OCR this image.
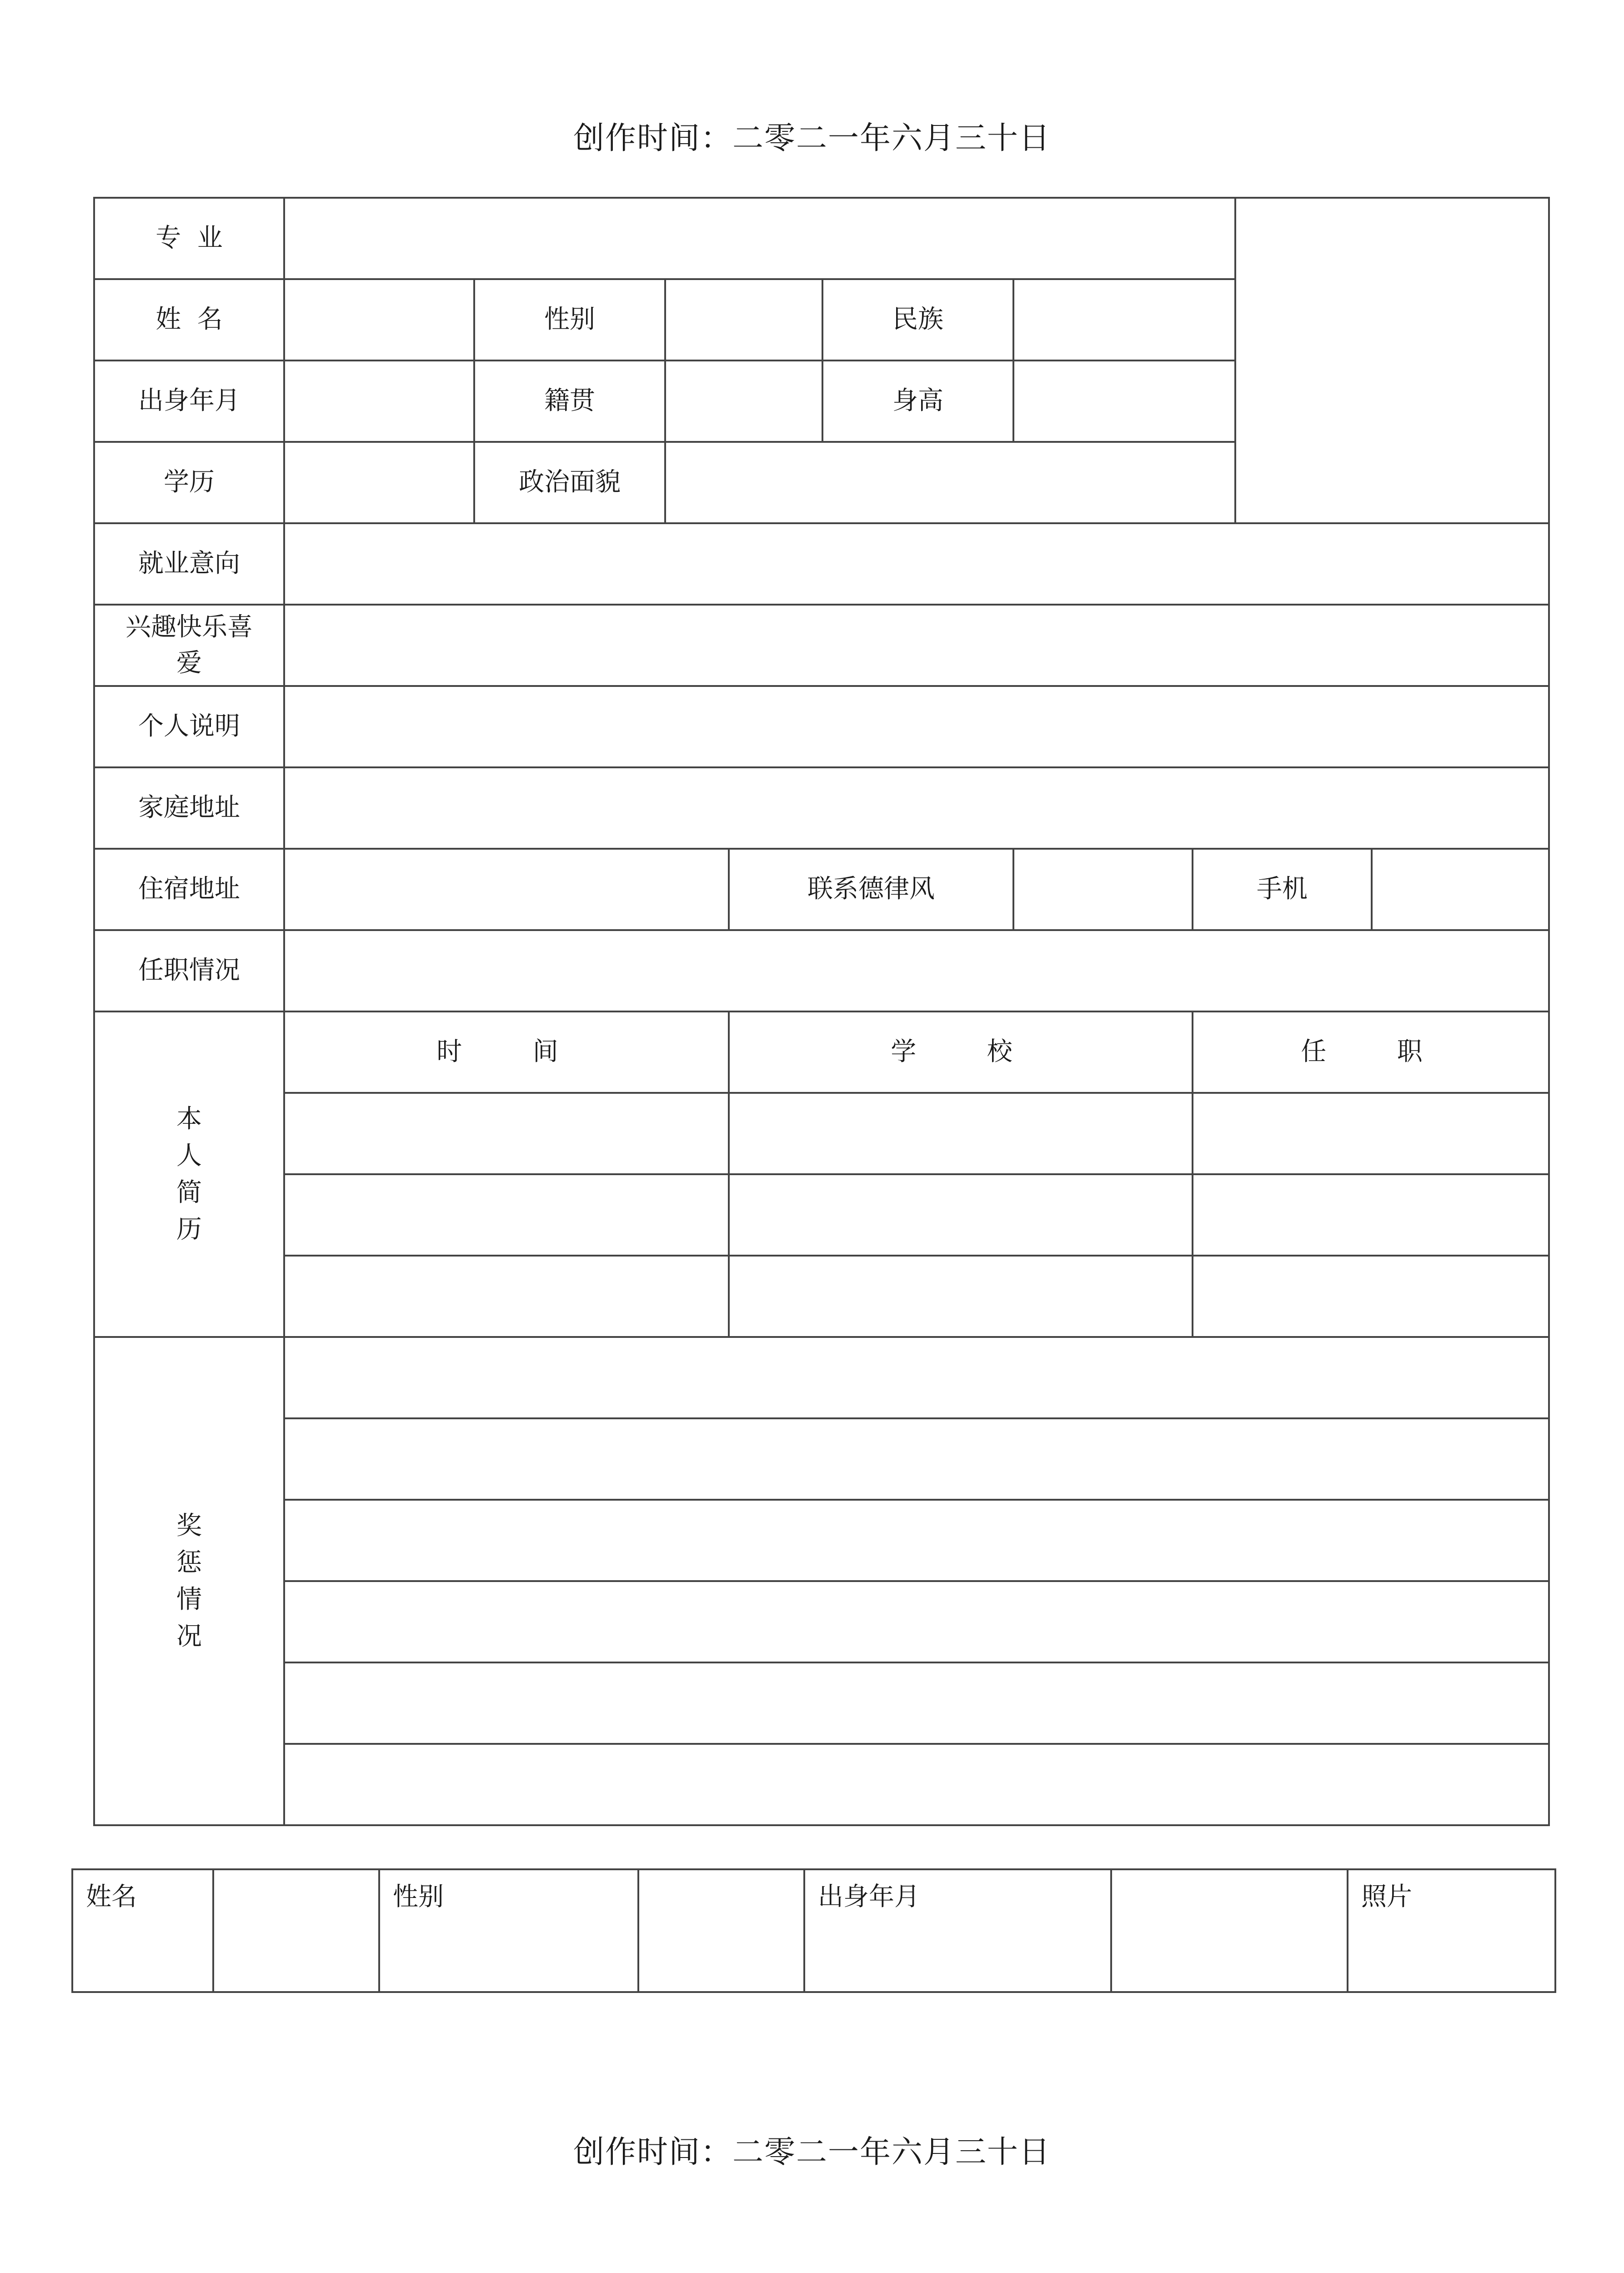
创作时间：二零二一年六月三十日
专  业									
姓  名		性别			民族				
出身年月		籍贯			身高				
学历		政治面貌							
就业意向									
兴趣快乐喜爱									
个人说明									
家庭地址									
住宿地址				联系德律风			手机		
任职情况									
本人简历	时  间			学  校			任  职		

奖惩情况									

姓名		性别		出身年月		照片
创作时间：二零二一年六月三十日
